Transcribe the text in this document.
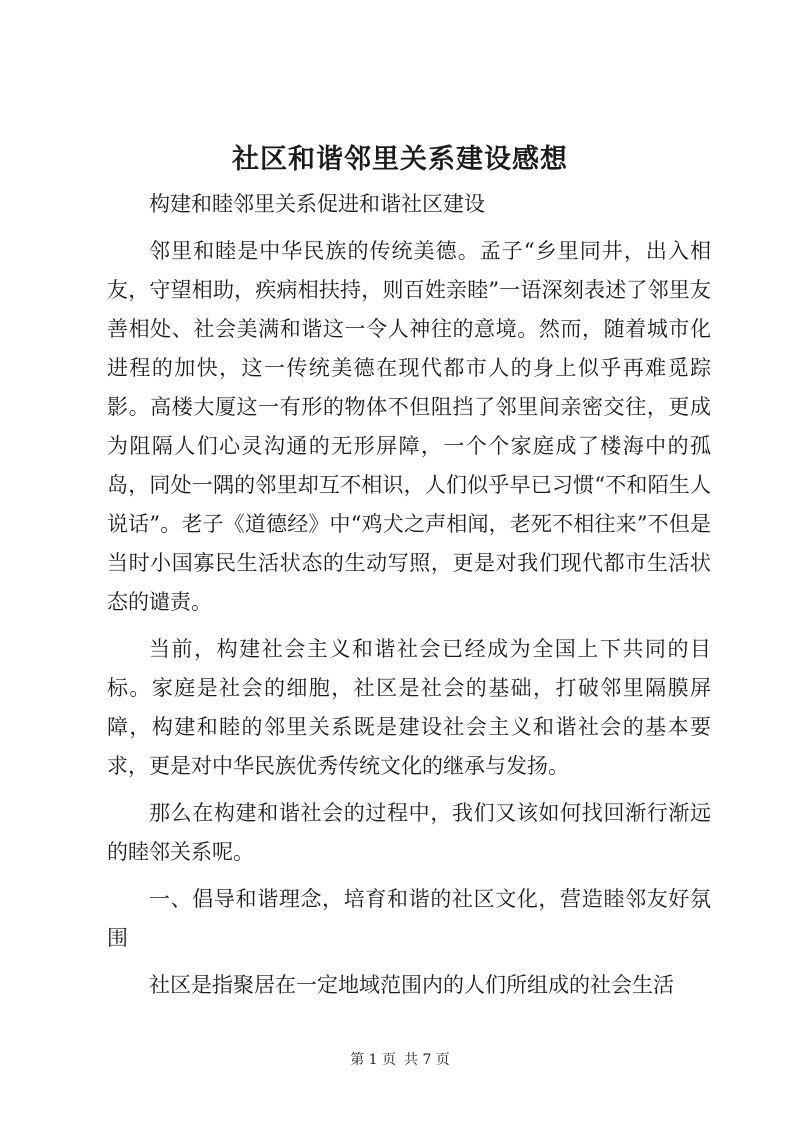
社区和谐邻里关系建设感想

构建和睦邻里关系促进和谐社区建设

邻里和睦是中华民族的传统美德。孟子“乡里同井，出入相友，守望相助，疾病相扶持，则百姓亲睦”一语深刻表述了邻里友善相处、社会美满和谐这一令人神往的意境。然而，随着城市化进程的加快，这一传统美德在现代都市人的身上似乎再难觅踪影。高楼大厦这一有形的物体不但阻挡了邻里间亲密交往，更成为阻隔人们心灵沟通的无形屏障，一个个家庭成了楼海中的孤岛，同处一隅的邻里却互不相识，人们似乎早已习惯“不和陌生人说话”。老子《道德经》中“鸡犬之声相闻，老死不相往来”不但是当时小国寡民生活状态的生动写照，更是对我们现代都市生活状态的谴责。

当前，构建社会主义和谐社会已经成为全国上下共同的目标。家庭是社会的细胞，社区是社会的基础，打破邻里隔膜屏障，构建和睦的邻里关系既是建设社会主义和谐社会的基本要求，更是对中华民族优秀传统文化的继承与发扬。

那么在构建和谐社会的过程中，我们又该如何找回渐行渐远的睦邻关系呢。

一、倡导和谐理念，培育和谐的社区文化，营造睦邻友好氛围

社区是指聚居在一定地域范围内的人们所组成的社会生活

第 1 页 共 7 页
